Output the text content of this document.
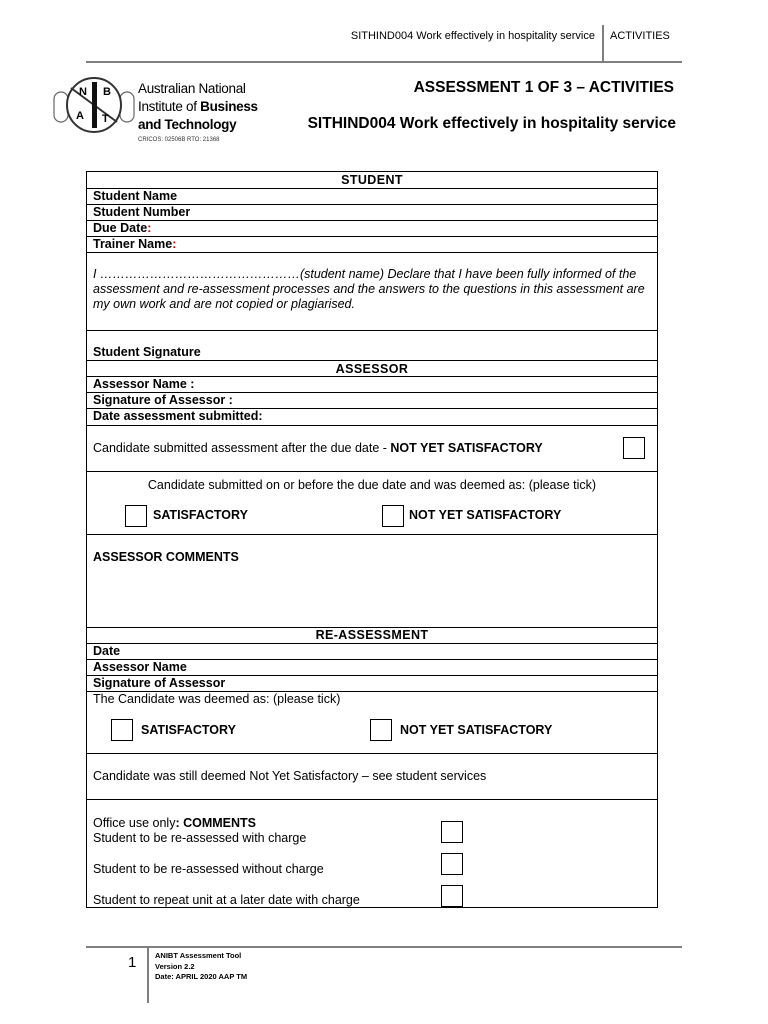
SITHIND004 Work effectively in hospitality service ACTIVITIES
N B
A
I
T
Australian National
Institute of Business
and Technology
CRICOS: 02506B RTO: 21368
ASSESSMENT 1 OF 3 – ACTIVITIES
SITHIND004 Work effectively in hospitality service
STUDENT
Student Name
Student Number
Due Date:
Trainer Name:
I …………………………………………(student name) Declare that I have been fully informed of the assessment and re-assessment processes and the answers to the questions in this assessment are my own work and are not copied or plagiarised.
Student Signature
ASSESSOR
Assessor Name :
Signature of Assessor :
Date assessment submitted:
Candidate submitted assessment after the due date - NOT YET SATISFACTORY
Candidate submitted on or before the due date and was deemed as: (please tick)
SATISFACTORY	NOT YET SATISFACTORY
ASSESSOR COMMENTS
RE-ASSESSMENT
Date
Assessor Name
Signature of Assessor
The Candidate was deemed as: (please tick)
SATISFACTORY	NOT YET SATISFACTORY
Candidate was still deemed Not Yet Satisfactory – see student services
Office use only: COMMENTS
Student to be re-assessed with charge
Student to be re-assessed without charge
Student to repeat unit at a later date with charge
1 ANIBT Assessment Tool
Version 2.2
Date: APRIL 2020 AAP TM
